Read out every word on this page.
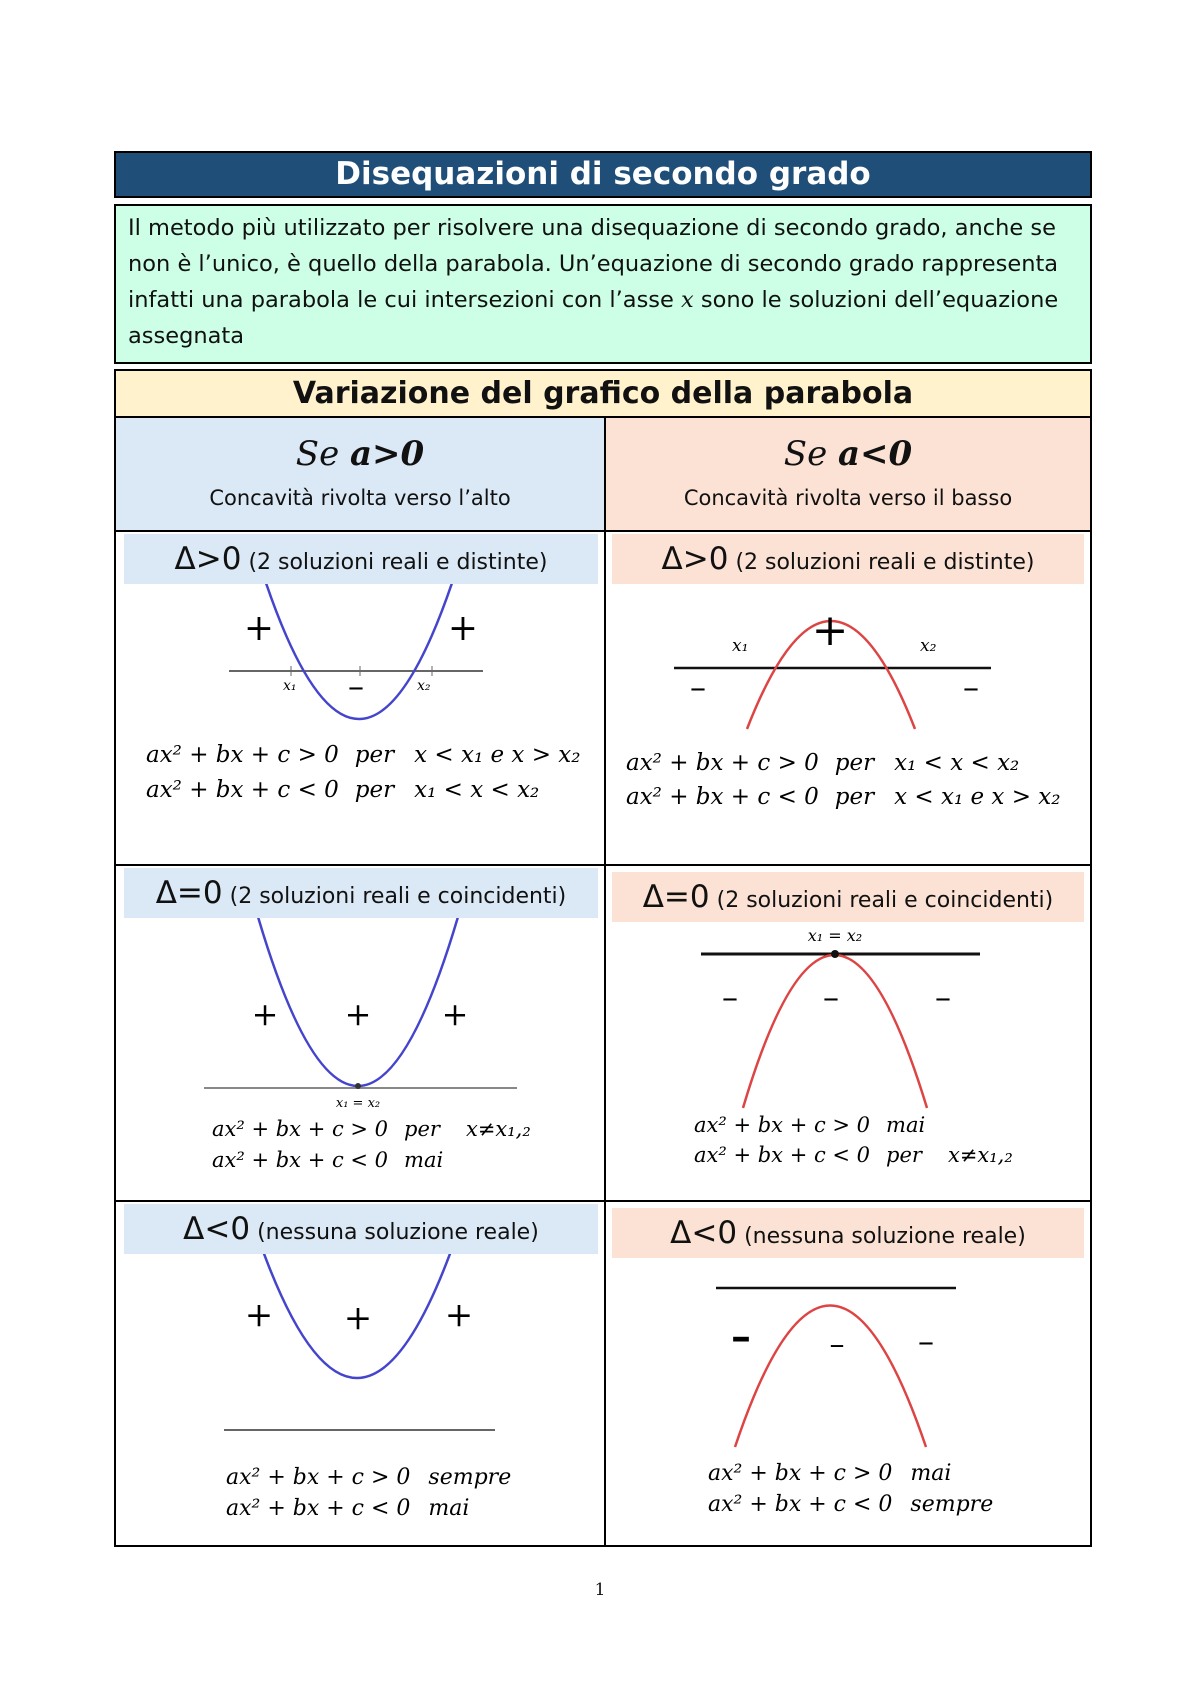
Disequazioni di secondo grado
Il metodo più utilizzato per risolvere una disequazione di secondo grado, anche se non è l’unico, è quello della parabola. Un’equazione di secondo grado rappresenta infatti una parabola le cui intersezioni con l’asse x sono le soluzioni dell’equazione assegnata
Variazione del grafico della parabola
Se a>0
Concavità rivolta verso l’alto
Se a<0
Concavità rivolta verso il basso
Δ>0 (2 soluzioni reali e distinte)	Δ>0 (2 soluzioni reali e distinte)
+	+
–
x₁	x₂
ax² + bx + c > 0 per x < x₁ e x > x₂
ax² + bx + c < 0 per x₁ < x < x₂
+
–	–
x₁	x₂
ax² + bx + c > 0 per x₁ < x < x₂
ax² + bx + c < 0 per x < x₁ e x > x₂
Δ=0 (2 soluzioni reali e coincidenti)	Δ=0 (2 soluzioni reali e coincidenti)
+ + +
x₁ = x₂
ax² + bx + c > 0 per x≠x₁,₂
ax² + bx + c < 0 mai
x₁ = x₂
–	–	–
ax² + bx + c > 0 mai
ax² + bx + c < 0 per x≠x₁,₂
Δ<0 (nessuna soluzione reale)	Δ<0 (nessuna soluzione reale)
+ + +
ax² + bx + c > 0 sempre
ax² + bx + c < 0 mai
–	– –
ax² + bx + c > 0 mai
ax² + bx + c < 0 sempre
1
